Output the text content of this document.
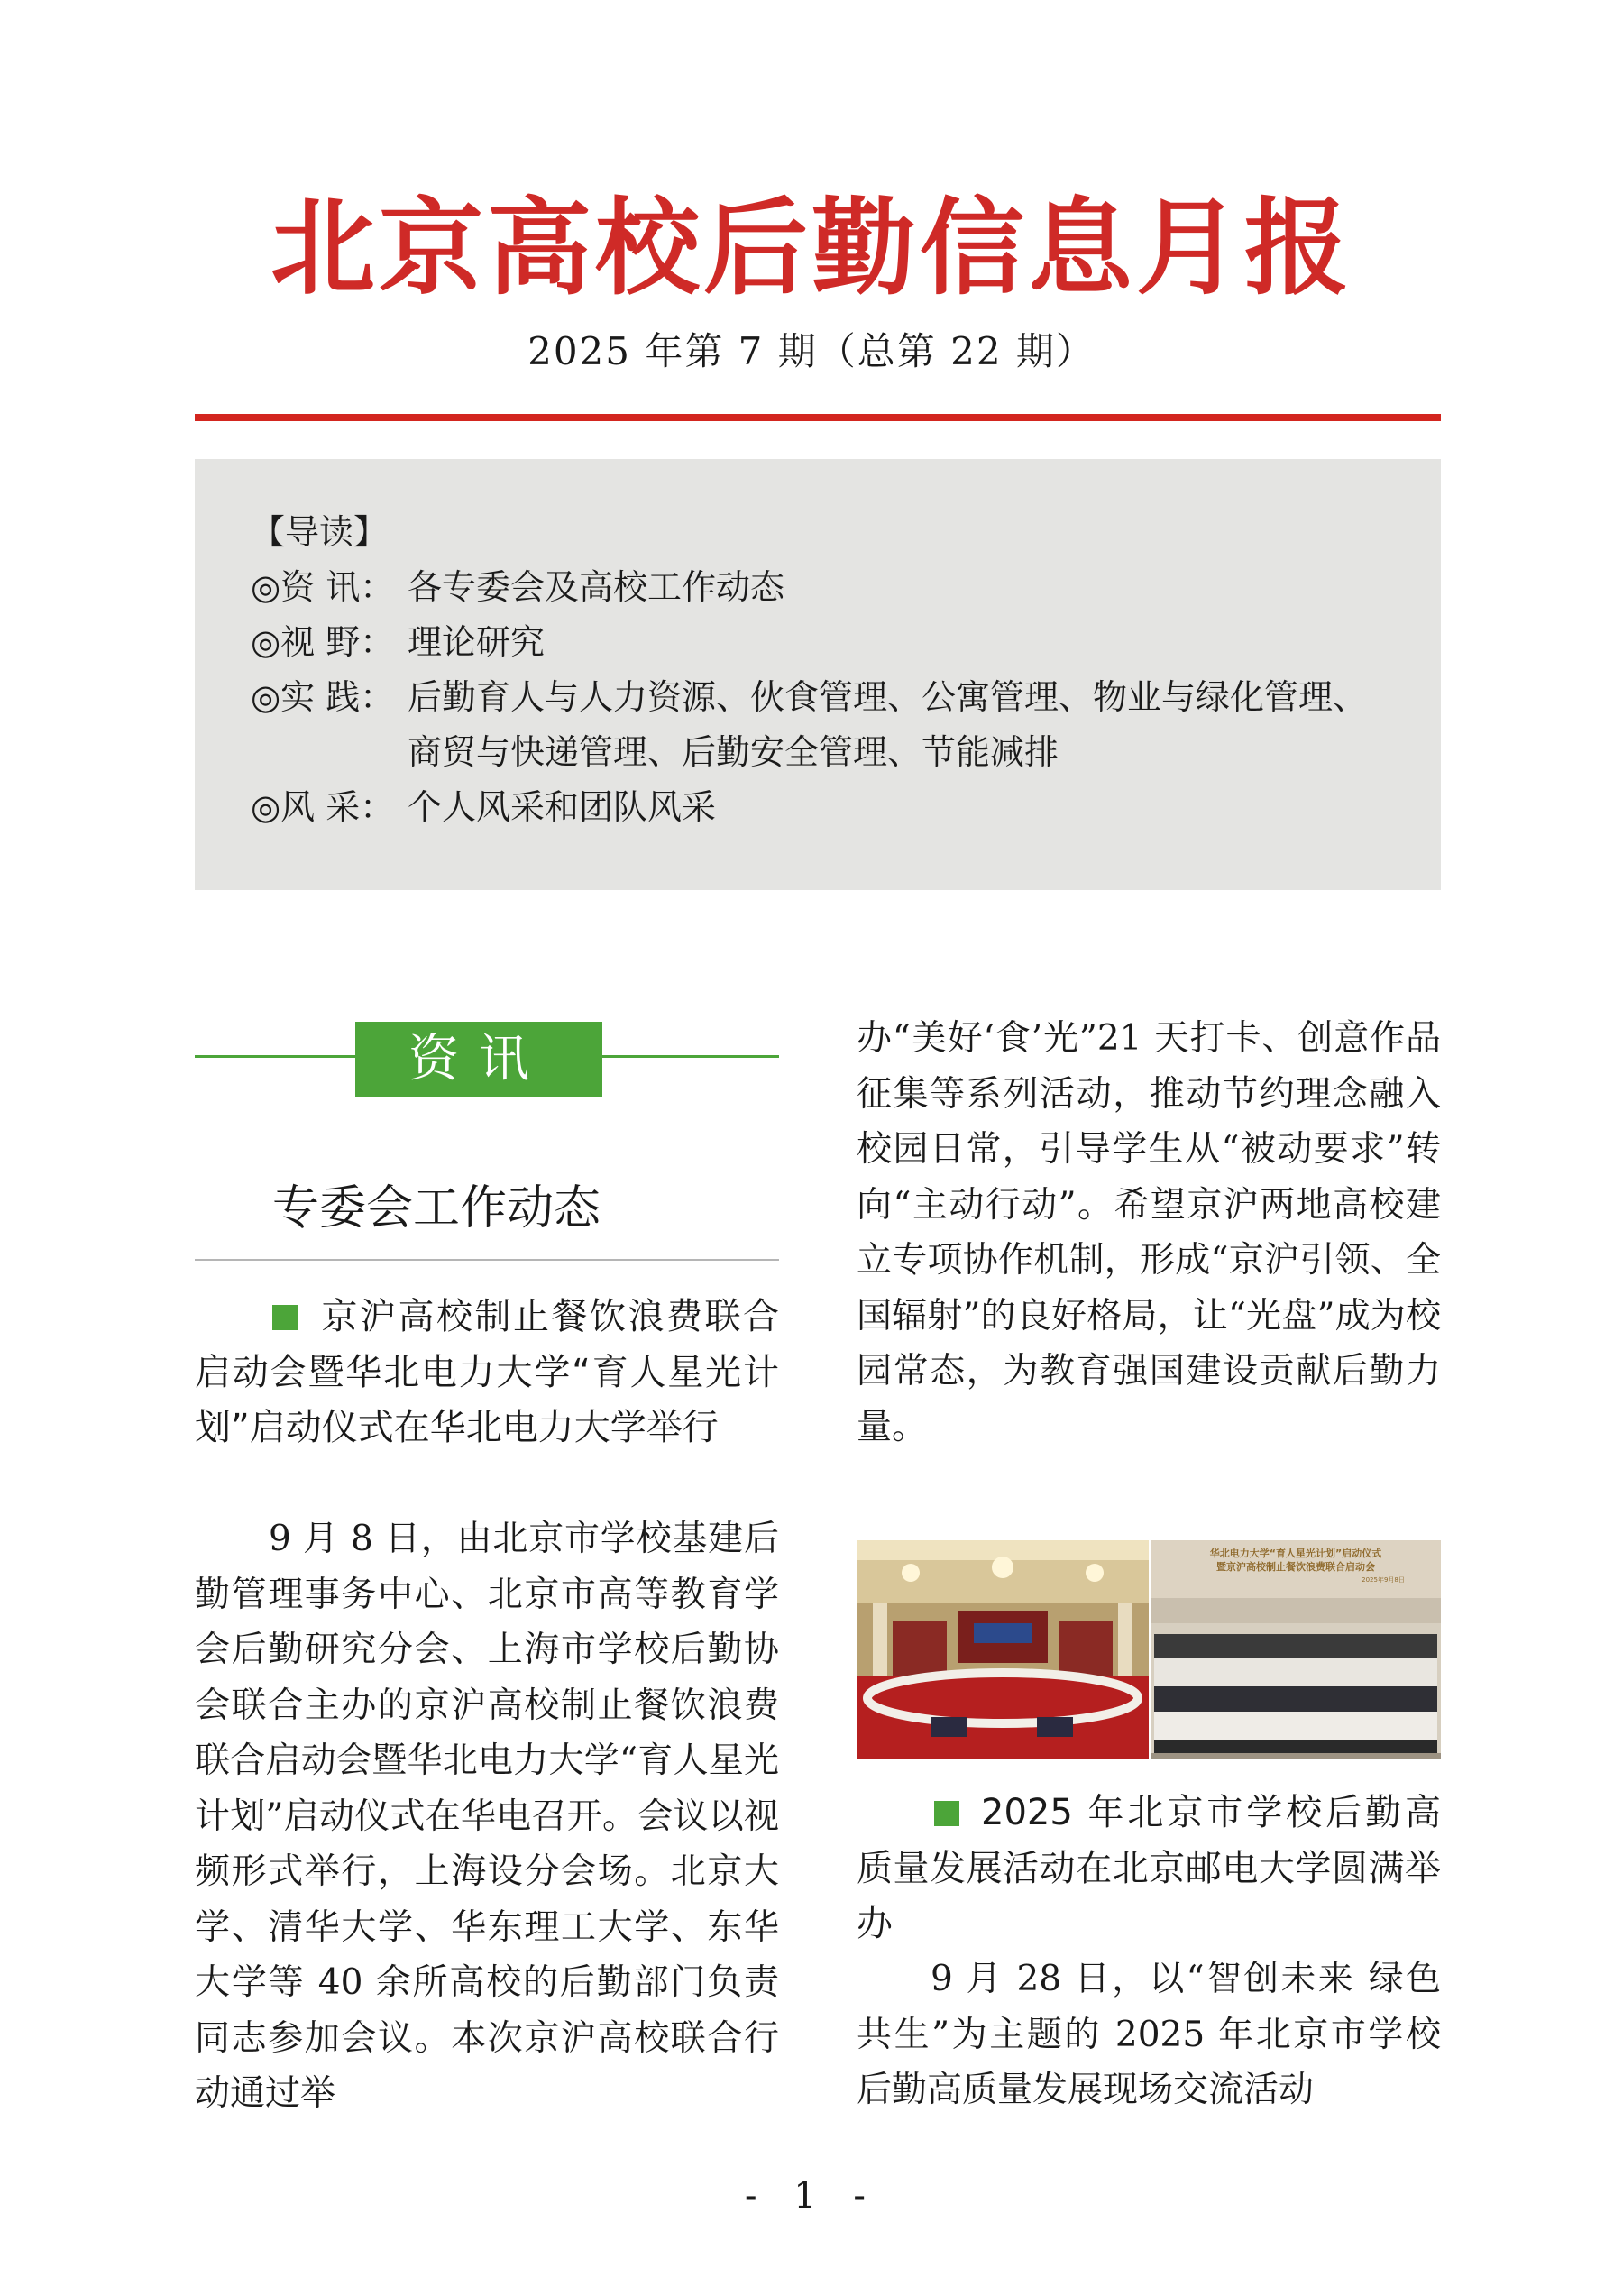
北京高校后勤信息月报
2025 年第 7 期（总第 22 期）
【导读】
◎资 讯： 各专委会及高校工作动态
◎视 野： 理论研究
◎实 践： 后勤育人与人力资源、伙食管理、公寓管理、物业与绿化管理、
商贸与快递管理、后勤安全管理、节能减排
◎风 采： 个人风采和团队风采
资讯
专委会工作动态
京沪高校制止餐饮浪费联合启动会暨华北电力大学“育人星光计划”启动仪式在华北电力大学举行
9 月 8 日，由北京市学校基建后勤管理事务中心、北京市高等教育学会后勤研究分会、上海市学校后勤协会联合主办的京沪高校制止餐饮浪费联合启动会暨华北电力大学“育人星光计划”启动仪式在华电召开。会议以视频形式举行，上海设分会场。北京大学、清华大学、华东理工大学、东华大学等 40 余所高校的后勤部门负责同志参加会议。本次京沪高校联合行动通过举
办“美好‘食’光”21 天打卡、创意作品征集等系列活动，推动节约理念融入校园日常，引导学生从“被动要求”转向“主动行动”。希望京沪两地高校建立专项协作机制，形成“京沪引领、全国辐射”的良好格局，让“光盘”成为校园常态，为教育强国建设贡献后勤力量。
华北电力大学“育人星光计划”启动仪式
暨京沪高校制止餐饮浪费联合启动会
2025年9月8日
2025 年北京市学校后勤高质量发展活动在北京邮电大学圆满举办
9 月 28 日，以“智创未来 绿色共生”为主题的 2025 年北京市学校后勤高质量发展现场交流活动
- 1 -
